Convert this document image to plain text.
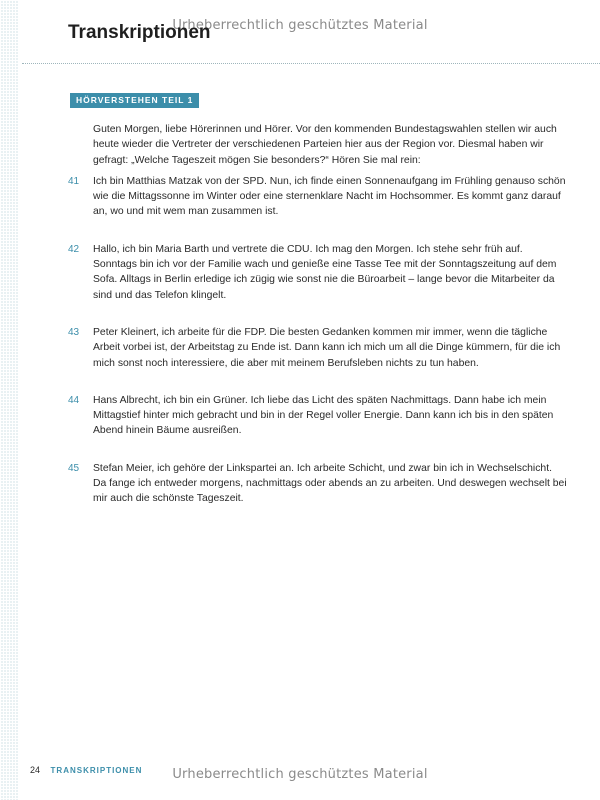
Urheberrechtlich geschütztes Material
Transkriptionen
HÖRVERSTEHEN TEIL 1

Guten Morgen, liebe Hörerinnen und Hörer. Vor den kommenden Bundestagswahlen stellen wir auch heute wieder die Vertreter der verschiedenen Parteien hier aus der Region vor. Diesmal haben wir gefragt: „Welche Tageszeit mögen Sie besonders?“ Hören Sie mal rein:

41 Ich bin Matthias Matzak von der SPD. Nun, ich finde einen Sonnenaufgang im Frühling genauso schön wie die Mittagssonne im Winter oder eine sternenklare Nacht im Hochsommer. Es kommt ganz darauf an, wo und mit wem man zusammen ist.

42 Hallo, ich bin Maria Barth und vertrete die CDU. Ich mag den Morgen. Ich stehe sehr früh auf. Sonntags bin ich vor der Familie wach und genieße eine Tasse Tee mit der Sonntagszeitung auf dem Sofa. Alltags in Berlin erledige ich zügig wie sonst nie die Büroarbeit – lange bevor die Mitarbeiter da sind und das Telefon klingelt.

43 Peter Kleinert, ich arbeite für die FDP. Die besten Gedanken kommen mir immer, wenn die tägliche Arbeit vorbei ist, der Arbeitstag zu Ende ist. Dann kann ich mich um all die Dinge kümmern, für die ich mich sonst noch interessiere, die aber mit meinem Berufsleben nichts zu tun haben.

44 Hans Albrecht, ich bin ein Grüner. Ich liebe das Licht des späten Nachmittags. Dann habe ich mein Mittagstief hinter mich gebracht und bin in der Regel voller Energie. Dann kann ich bis in den späten Abend hinein Bäume ausreißen.

45 Stefan Meier, ich gehöre der Linkspartei an. Ich arbeite Schicht, und zwar bin ich in Wechselschicht. Da fange ich entweder morgens, nachmittags oder abends an zu arbeiten. Und deswegen wechselt bei mir auch die schönste Tageszeit.

24 TRANSKRIPTIONEN	Urheberrechtlich geschütztes Material
